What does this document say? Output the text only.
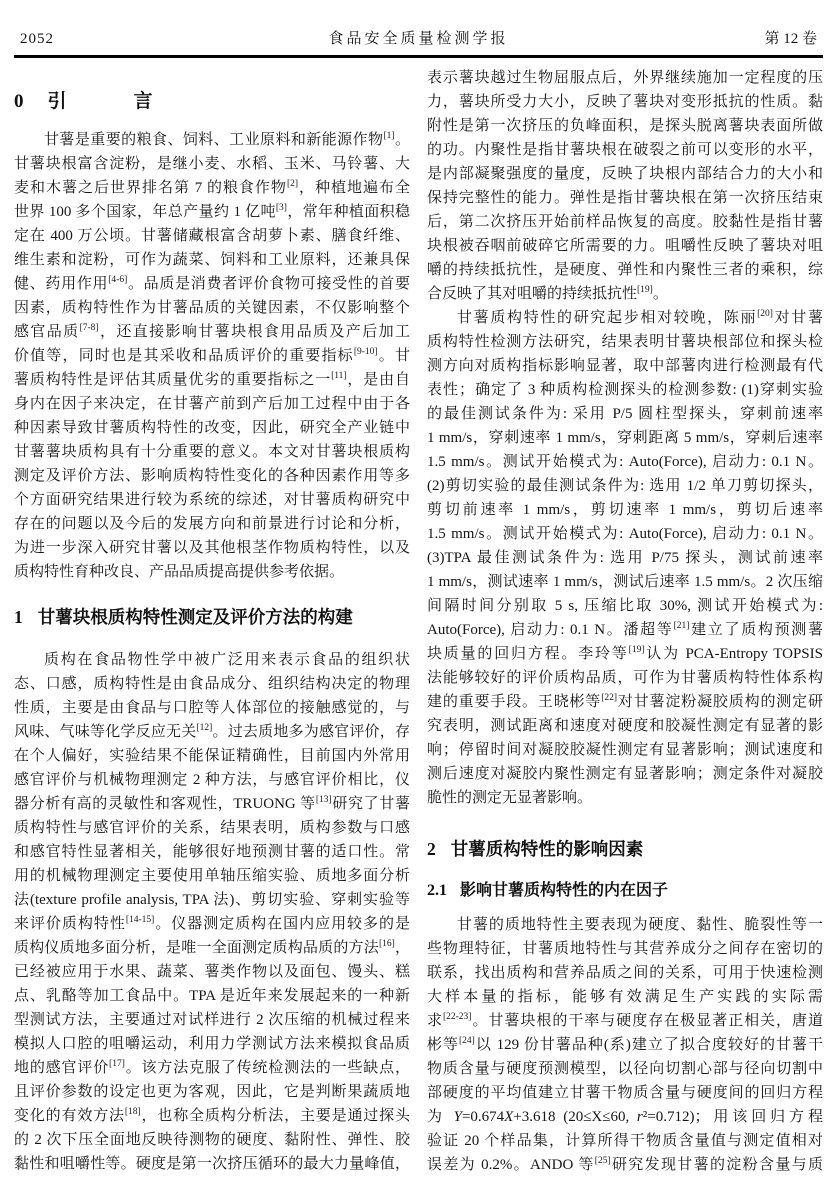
2052	食品安全质量检测学报	第 12 卷
0 引　言
甘薯是重要的粮食、饲料、工业原料和新能源作物[1]。
甘薯块根富含淀粉，是继小麦、水稻、玉米、马铃薯、大
麦和木薯之后世界排名第 7 的粮食作物[2]，种植地遍布全
世界 100 多个国家，年总产量约 1 亿吨[3]，常年种植面积稳
定在 400 万公顷。甘薯储藏根富含胡萝卜素、膳食纤维、
维生素和淀粉，可作为蔬菜、饲料和工业原料，还兼具保
健、药用作用[4-6]。品质是消费者评价食物可接受性的首要
因素，质构特性作为甘薯品质的关键因素，不仅影响整个
感官品质[7-8]，还直接影响甘薯块根食用品质及产后加工
价值等，同时也是其采收和品质评价的重要指标[9-10]。甘
薯质构特性是评估其质量优劣的重要指标之一[11]，是由自
身内在因子来决定，在甘薯产前到产后加工过程中由于各
种因素导致甘薯质构特性的改变，因此，研究全产业链中
甘薯薯块质构具有十分重要的意义。本文对甘薯块根质构
测定及评价方法、影响质构特性变化的各种因素作用等多
个方面研究结果进行较为系统的综述，对甘薯质构研究中
存在的问题以及今后的发展方向和前景进行讨论和分析，
为进一步深入研究甘薯以及其他根茎作物质构特性，以及
质构特性育种改良、产品品质提高提供参考依据。
1 甘薯块根质构特性测定及评价方法的构建
质构在食品物性学中被广泛用来表示食品的组织状
态、口感，质构特性是由食品成分、组织结构决定的物理
性质，主要是由食品与口腔等人体部位的接触感觉的，与
风味、气味等化学反应无关[12]。过去质地多为感官评价，存
在个人偏好，实验结果不能保证精确性，目前国内外常用
感官评价与机械物理测定 2 种方法，与感官评价相比，仪
器分析有高的灵敏性和客观性，TRUONG 等[13]研究了甘薯
质构特性与感官评价的关系，结果表明，质构参数与口感
和感官特性显著相关，能够很好地预测甘薯的适口性。常
用的机械物理测定主要使用单轴压缩实验、质地多面分析
法(texture profile analysis, TPA 法)、剪切实验、穿刺实验等
来评价质构特性[14-15]。仪器测定质构在国内应用较多的是
质构仪质地多面分析，是唯一全面测定质构品质的方法[16]，
已经被应用于水果、蔬菜、薯类作物以及面包、馒头、糕
点、乳酪等加工食品中。TPA 是近年来发展起来的一种新
型测试方法，主要通过对试样进行 2 次压缩的机械过程来
模拟人口腔的咀嚼运动，利用力学测试方法来模拟食品质
地的感官评价[17]。该方法克服了传统检测法的一些缺点，
且评价参数的设定也更为客观，因此，它是判断果蔬质地
变化的有效方法[18]，也称全质构分析法，主要是通过探头
的 2 次下压全面地反映待测物的硬度、黏附性、弹性、胶
黏性和咀嚼性等。硬度是第一次挤压循环的最大力量峰值，
表示薯块越过生物屈服点后，外界继续施加一定程度的压
力，薯块所受力大小，反映了薯块对变形抵抗的性质。黏
附性是第一次挤压的负峰面积，是探头脱离薯块表面所做
的功。内聚性是指甘薯块根在破裂之前可以变形的水平，
是内部凝聚强度的量度，反映了块根内部结合力的大小和
保持完整性的能力。弹性是指甘薯块根在第一次挤压结束
后，第二次挤压开始前样品恢复的高度。胶黏性是指甘薯
块根被吞咽前破碎它所需要的力。咀嚼性反映了薯块对咀
嚼的持续抵抗性，是硬度、弹性和内聚性三者的乘积，综
合反映了其对咀嚼的持续抵抗性[19]。
甘薯质构特性的研究起步相对较晚，陈丽[20]对甘薯
质构特性检测方法研究，结果表明甘薯块根部位和探头检
测方向对质构指标影响显著，取中部薯肉进行检测最有代
表性；确定了 3 种质构检测探头的检测参数: (1)穿刺实验
的最佳测试条件为: 采用 P/5 圆柱型探头，穿刺前速率
1 mm/s，穿刺速率 1 mm/s，穿刺距离 5 mm/s，穿刺后速率
1.5 mm/s。测试开始模式为: Auto(Force), 启动力: 0.1 N。
(2)剪切实验的最佳测试条件为: 选用 1/2 单刀剪切探头，
剪切前速率 1 mm/s，剪切速率 1 mm/s，剪切后速率
1.5 mm/s。测试开始模式为: Auto(Force), 启动力: 0.1 N。
(3)TPA 最佳测试条件为: 选用 P/75 探头，测试前速率
1 mm/s，测试速率 1 mm/s，测试后速率 1.5 mm/s。2 次压缩
间隔时间分别取 5 s, 压缩比取 30%, 测试开始模式为:
Auto(Force), 启动力: 0.1 N。潘超等[21]建立了质构预测薯
块质量的回归方程。李玲等[19]认为 PCA-Entropy TOPSIS
法能够较好的评价质构品质，可作为甘薯质构特性体系构
建的重要手段。王晓彬等[22]对甘薯淀粉凝胶质构的测定研
究表明，测试距离和速度对硬度和胶凝性测定有显著的影
响；停留时间对凝胶胶凝性测定有显著影响；测试速度和
测后速度对凝胶内聚性测定有显著影响；测定条件对凝胶
脆性的测定无显著影响。
2 甘薯质构特性的影响因素
2.1 影响甘薯质构特性的内在因子
甘薯的质地特性主要表现为硬度、黏性、脆裂性等一
些物理特征，甘薯质地特性与其营养成分之间存在密切的
联系，找出质构和营养品质之间的关系，可用于快速检测
大样本量的指标，能够有效满足生产实践的实际需
求[22-23]。甘薯块根的干率与硬度存在极显著正相关，唐道
彬等[24]以 129 份甘薯品种(系)建立了拟合度较好的甘薯干
物质含量与硬度预测模型，以径向切割心部与径向切割中
部硬度的平均值建立甘薯干物质含量与硬度间的回归方程
为 Y=0.674X+3.618 (20≤X≤60, r²=0.712)；用该回归方程
验证 20 个样品集，计算所得干物质含量值与测定值相对
误差为 0.2%。ANDO 等[25]研究发现甘薯的淀粉含量与质
